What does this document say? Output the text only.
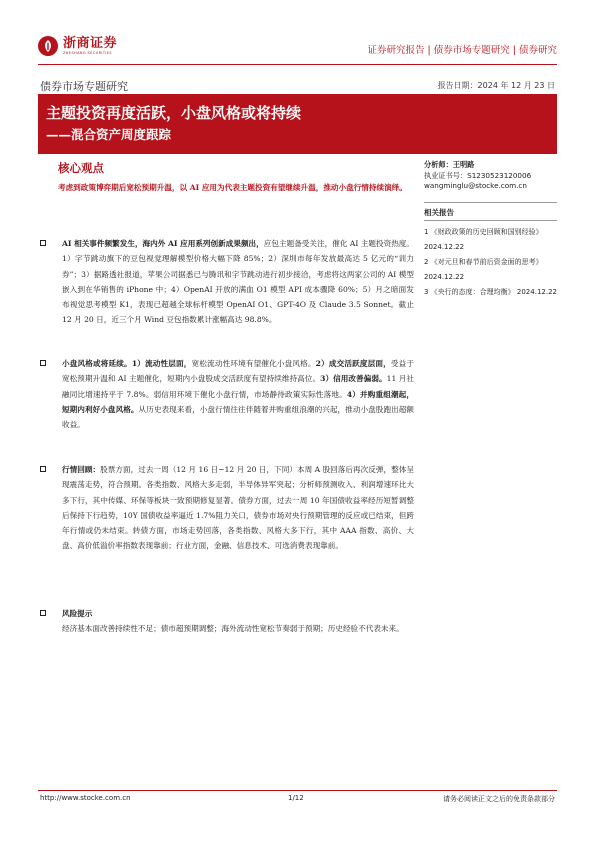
浙商证券
ZHESHANG SECURITIES	证券研究报告 | 债券市场专题研究 | 债券研究
债券市场专题研究	报告日期：2024 年 12 月 23 日
主题投资再度活跃，小盘风格或将持续
——混合资产周度跟踪
核心观点
考虑到政策博弈期后宽松预期升温，以 AI 应用为代表主题投资有望继续升温，推动小盘行情持续演绎。
AI 相关事件频繁发生，海内外 AI 应用系列创新成果频出，应包主题备受关注，催化 AI 主题投资热度。1）字节跳动旗下的豆包视觉理解模型价格大幅下降 85%；2）深圳市每年发放最高达 5 亿元的“训力券”；3）据路透社报道，苹果公司据悉已与腾讯和字节跳动进行初步接洽，考虑将这两家公司的 AI 模型嵌入到在华销售的 iPhone 中；4）OpenAI 开放的满血 O1 模型 API 成本骤降 60%；5）月之暗面发布视觉思考模型 K1，表现已超越全球标杆模型 OpenAI O1、GPT-4O 及 Claude 3.5 Sonnet。截止 12 月 20 日，近三个月 Wind 豆包指数累计涨幅高达 98.8%。
小盘风格或将延续。1）流动性层面，宽松流动性环境有望催化小盘风格。2）成交活跃度层面，受益于宽松预期升温和 AI 主题催化，短期内小盘股成交活跃度有望持续维持高位。3）信用改善偏弱。11 月社融同比增速持平于 7.8%。弱信用环境下催化小盘行情，市场静待政策实际性落地。4）并购重组潮起，短期内利好小盘风格。从历史表现来看，小盘行情往往伴随着并购重组浪潮的兴起，推动小盘股跑出超额收益。
行情回顾：股票方面，过去一周（12 月 16 日~12 月 20 日，下同）本周 A 股回落后再次反弹，整体呈现震荡走势，符合预期。各类指数、风格大多走弱，半导体异军突起；分析师预测收入、利润增速环比大多下行，其中传媒、环保等板块一致预期修复显著。债券方面，过去一周 10 年国债收益率经历短暂调整后保持下行趋势，10Y 国债收益率逼近 1.7%阻力关口，债券市场对央行预期管理的反应或已结束，但跨年行情或仍未结束。转债方面，市场走势回落，各类指数、风格大多下行，其中 AAA 指数、高价、大盘、高价低溢价率指数表现靠前；行业方面，金融、信息技术、可选消费表现靠前。
风险提示
经济基本面改善持续性不足；债市超预期调整；海外流动性宽松节奏弱于预期；历史经验不代表未来。
分析师：王明路
执业证书号：S1230523120006
wangminglu@stocke.com.cn
相关报告
1 《财政政策的历史回顾和国别经验》 2024.12.22
2 《对元旦和春节前后资金面的思考》 2024.12.22
3 《央行的态度：合理均衡》 2024.12.22
http://www.stocke.com.cn	1/12	请务必阅读正文之后的免责条款部分
